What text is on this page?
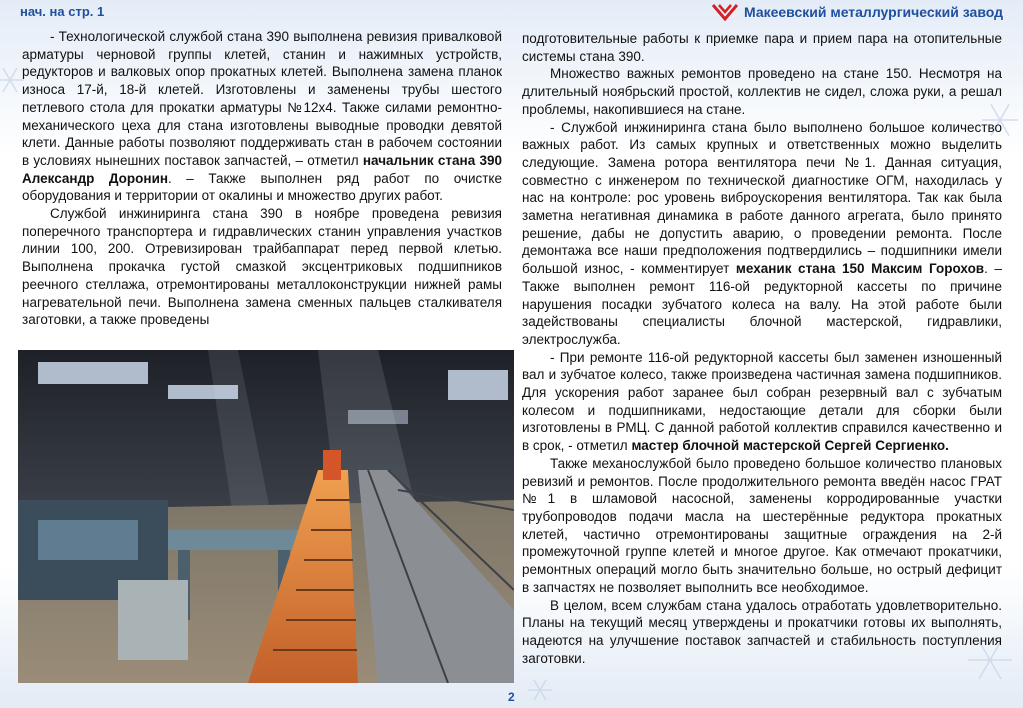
нач. на стр. 1	Макеевский металлургический завод

- Технологической службой стана 390 выполнена ревизия привалковой арматуры черновой группы клетей, станин и нажимных устройств, редукторов и валковых опор прокатных клетей. Выполнена замена планок износа 17-й, 18-й клетей. Изготовлены и заменены трубы шестого петлевого стола для прокатки арматуры №12х4. Также силами ремонтно-механического цеха для стана изготовлены выводные проводки девятой клети. Данные работы позволяют поддерживать стан в рабочем состоянии в условиях нынешних поставок запчастей, – отметил начальник стана 390 Александр Доронин. – Также выполнен ряд работ по очистке оборудования и территории от окалины и множество других работ.

Службой инжиниринга стана 390 в ноябре проведена ревизия поперечного транспортера и гидравлических станин управления участков линии 100, 200. Отревизирован трайбаппарат перед первой клетью. Выполнена прокачка густой смазкой эксцентриковых подшипников реечного стеллажа, отремонтированы металлоконструкции нижней рамы нагревательной печи. Выполнена замена сменных пальцев сталкивателя заготовки, а также проведены

подготовительные работы к приемке пара и прием пара на отопительные системы стана 390.

Множество важных ремонтов проведено на стане 150. Несмотря на длительный ноябрьский простой, коллектив не сидел, сложа руки, а решал проблемы, накопившиеся на стане.

- Службой инжиниринга стана было выполнено большое количество важных работ. Из самых крупных и ответственных можно выделить следующие. Замена ротора вентилятора печи №1. Данная ситуация, совместно с инженером по технической диагностике ОГМ, находилась у нас на контроле: рос уровень виброускорения вентилятора. Так как была заметна негативная динамика в работе данного агрегата, было принято решение, дабы не допустить аварию, о проведении ремонта. После демонтажа все наши предположения подтвердились – подшипники имели большой износ, - комментирует механик стана 150 Максим Горохов. – Также выполнен ремонт 116-ой редукторной кассеты по причине нарушения посадки зубчатого колеса на валу. На этой работе были задействованы специалисты блочной мастерской, гидравлики, электрослужба.

- При ремонте 116-ой редукторной кассеты был заменен изношенный вал и зубчатое колесо, также произведена частичная замена подшипников. Для ускорения работ заранее был собран резервный вал с зубчатым колесом и подшипниками, недостающие детали для сборки были изготовлены в РМЦ. С данной работой коллектив справился качественно и в срок, - отметил мастер блочной мастерской Сергей Сергиенко.

Также механослужбой было проведено большое количество плановых ревизий и ремонтов. После продолжительного ремонта введён насос ГРАТ №1 в шламовой насосной, заменены корродированные участки трубопроводов подачи масла на шестерённые редуктора прокатных клетей, частично отремонтированы защитные ограждения на 2-й промежуточной группе клетей и многое другое. Как отмечают прокатчики, ремонтных операций могло быть значительно больше, но острый дефицит в запчастях не позволяет выполнить все необходимое.

В целом, всем службам стана удалось отработать удовлетворительно. Планы на текущий месяц утверждены и прокатчики готовы их выполнять, надеются на улучшение поставок запчастей и стабильность поступления заготовки.

2
